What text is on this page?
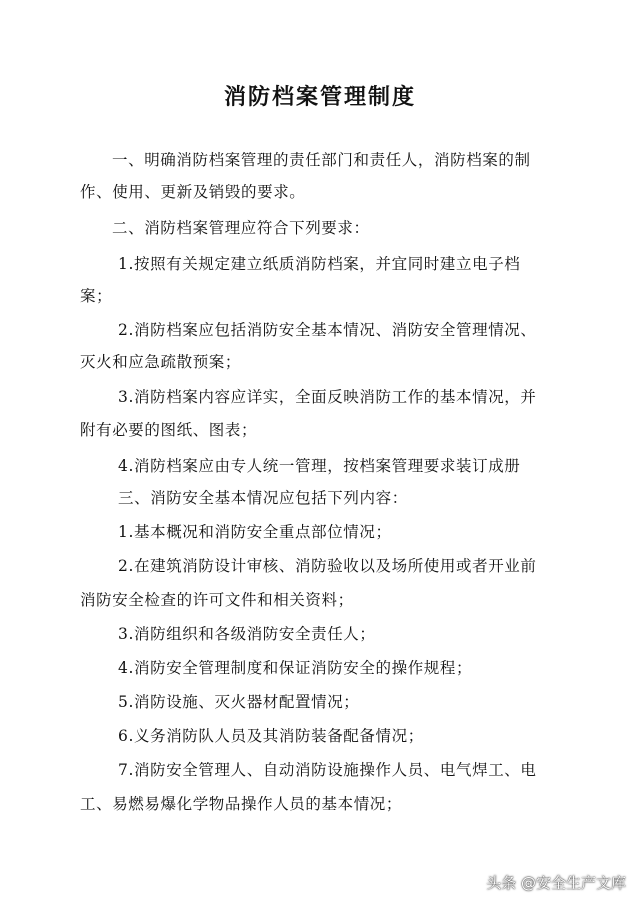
消防档案管理制度
一、明确消防档案管理的责任部门和责任人，消防档案的制
作、使用、更新及销毁的要求。
二、消防档案管理应符合下列要求：
1.按照有关规定建立纸质消防档案，并宜同时建立电子档
案；
2.消防档案应包括消防安全基本情况、消防安全管理情况、
灭火和应急疏散预案；
3.消防档案内容应详实，全面反映消防工作的基本情况，并
附有必要的图纸、图表；
4.消防档案应由专人统一管理，按档案管理要求装订成册
三、消防安全基本情况应包括下列内容：
1.基本概况和消防安全重点部位情况；
2.在建筑消防设计审核、消防验收以及场所使用或者开业前
消防安全检查的许可文件和相关资料；
3.消防组织和各级消防安全责任人；
4.消防安全管理制度和保证消防安全的操作规程；
5.消防设施、灭火器材配置情况；
6.义务消防队人员及其消防装备配备情况；
7.消防安全管理人、自动消防设施操作人员、电气焊工、电
工、易燃易爆化学物品操作人员的基本情况；
头条 @安全生产文库
